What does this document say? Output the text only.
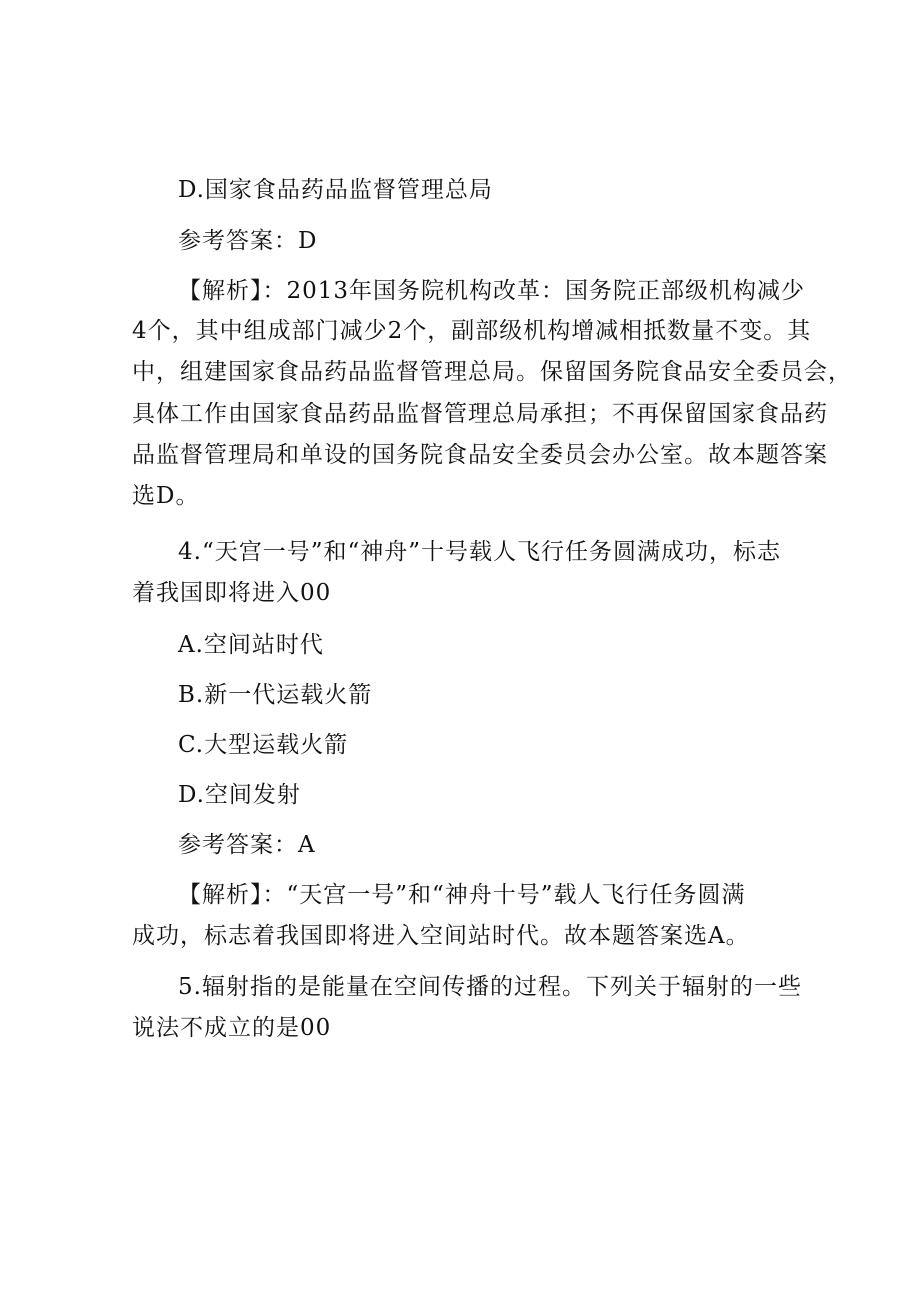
D.国家食品药品监督管理总局
参考答案：D
【解析】：2013年国务院机构改革：国务院正部级机构减少
4个，其中组成部门减少2个，副部级机构增减相抵数量不变。其
中，组建国家食品药品监督管理总局。保留国务院食品安全委员会，
具体工作由国家食品药品监督管理总局承担；不再保留国家食品药
品监督管理局和单设的国务院食品安全委员会办公室。故本题答案
选D。
4.“天宫一号”和“神舟”十号载人飞行任务圆满成功，标志
着我国即将进入00
A.空间站时代
B.新一代运载火箭
C.大型运载火箭
D.空间发射
参考答案：A
【解析】：“天宫一号”和“神舟十号”载人飞行任务圆满
成功，标志着我国即将进入空间站时代。故本题答案选A。
5.辐射指的是能量在空间传播的过程。下列关于辐射的一些
说法不成立的是00
